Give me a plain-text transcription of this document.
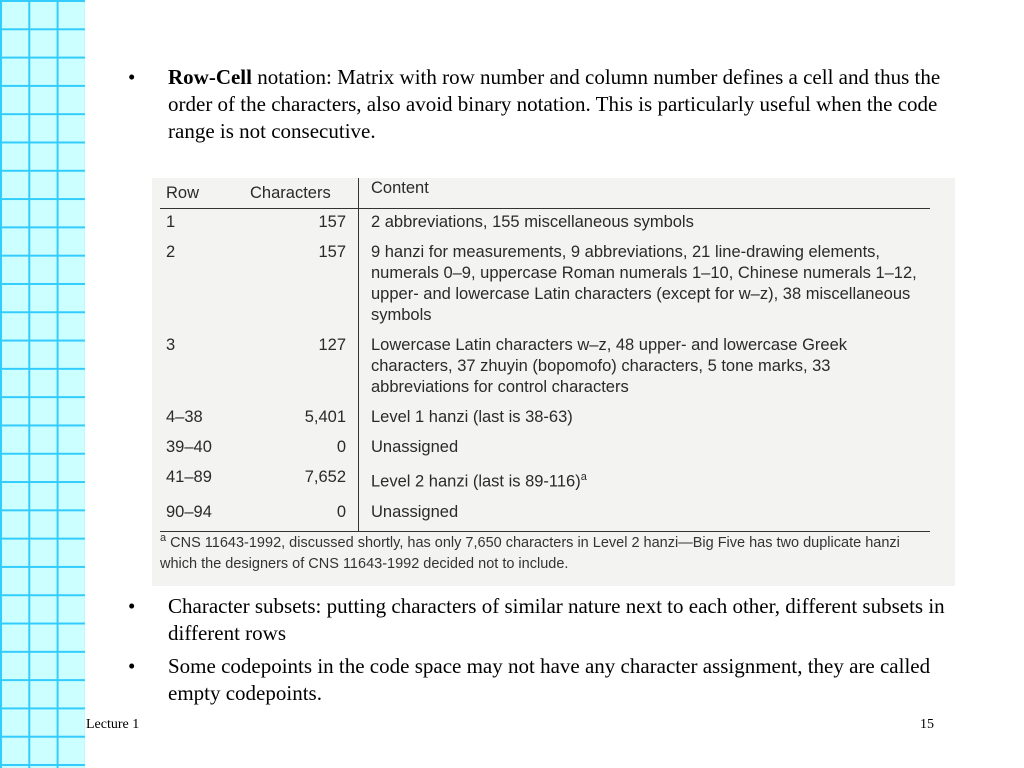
• Row-Cell notation: Matrix with row number and column number defines a cell and thus the order of the characters, also avoid binary notation. This is particularly useful when the code range is not consecutive.
Row	Characters	Content
1	157	2 abbreviations, 155 miscellaneous symbols
2	157	9 hanzi for measurements, 9 abbreviations, 21 line-drawing elements, numerals 0–9, uppercase Roman numerals 1–10, Chinese numerals 1–12, upper- and lowercase Latin characters (except for w–z), 38 miscellaneous symbols
3	127	Lowercase Latin characters w–z, 48 upper- and lowercase Greek characters, 37 zhuyin (bopomofo) characters, 5 tone marks, 33 abbreviations for control characters
4–38	5,401	Level 1 hanzi (last is 38-63)
39–40	0	Unassigned
41–89	7,652	Level 2 hanzi (last is 89-116)$^a$
90–94	0	Unassigned
$^a$ CNS 11643-1992, discussed shortly, has only 7,650 characters in Level 2 hanzi—Big Five has two duplicate hanzi which the designers of CNS 11643-1992 decided not to include.
• Character subsets: putting characters of similar nature next to each other, different subsets in different rows
• Some codepoints in the code space may not have any character assignment, they are called empty codepoints.
Lecture 1	15
